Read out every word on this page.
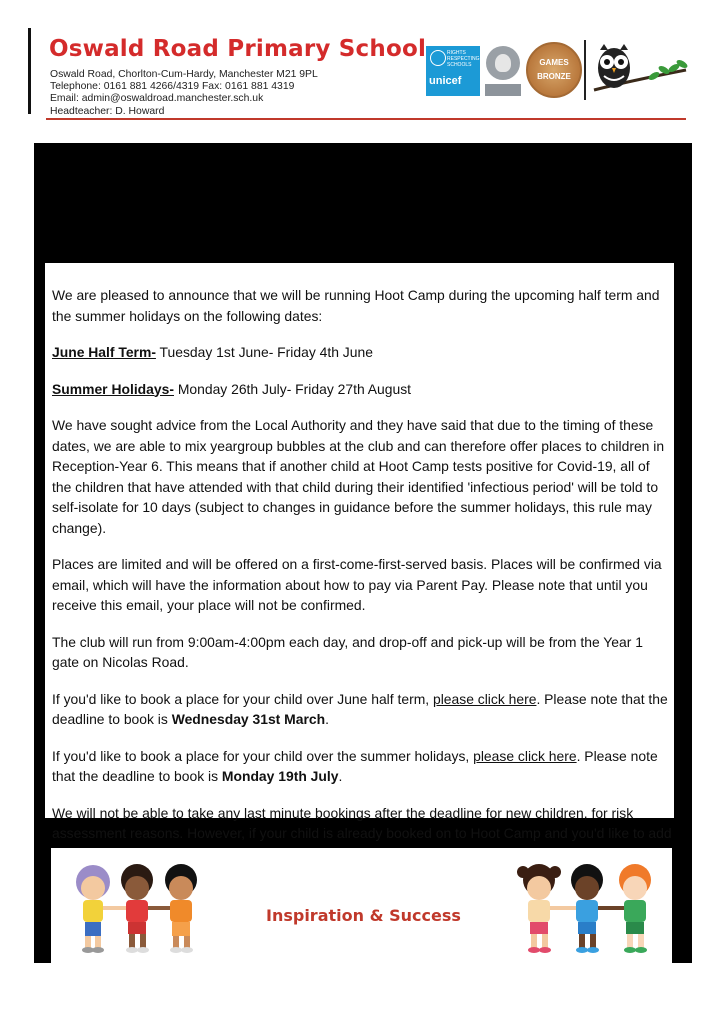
Oswald Road Primary School
Oswald Road, Chorlton-Cum-Hardy, Manchester M21 9PL
Telephone: 0161 881 4266/4319 Fax: 0161 881 4319
Email: admin@oswaldroad.manchester.sch.uk
Headteacher: D. Howard
RIGHTS RESPECTING SCHOOLS
unicef
GAMES
BRONZE

We are pleased to announce that we will be running Hoot Camp during the upcoming half term and the summer holidays on the following dates:

June Half Term- Tuesday 1st June- Friday 4th June

Summer Holidays- Monday 26th July- Friday 27th August

We have sought advice from the Local Authority and they have said that due to the timing of these dates, we are able to mix yeargroup bubbles at the club and can therefore offer places to children in Reception-Year 6. This means that if another child at Hoot Camp tests positive for Covid-19, all of the children that have attended with that child during their identified 'infectious period' will be told to self-isolate for 10 days (subject to changes in guidance before the summer holidays, this rule may change).

Places are limited and will be offered on a first-come-first-served basis. Places will be confirmed via email, which will have the information about how to pay via Parent Pay. Please note that until you receive this email, your place will not be confirmed.

The club will run from 9:00am-4:00pm each day, and drop-off and pick-up will be from the Year 1 gate on Nicolas Road.

If you'd like to book a place for your child over June half term, please click here. Please note that the deadline to book is Wednesday 31st March.

If you'd like to book a place for your child over the summer holidays, please click here. Please note that the deadline to book is Monday 19th July.

We will not be able to take any last minute bookings after the deadline for new children, for risk assessment reasons. However, if your child is already booked on to Hoot Camp and you'd like to add

Inspiration & Success
